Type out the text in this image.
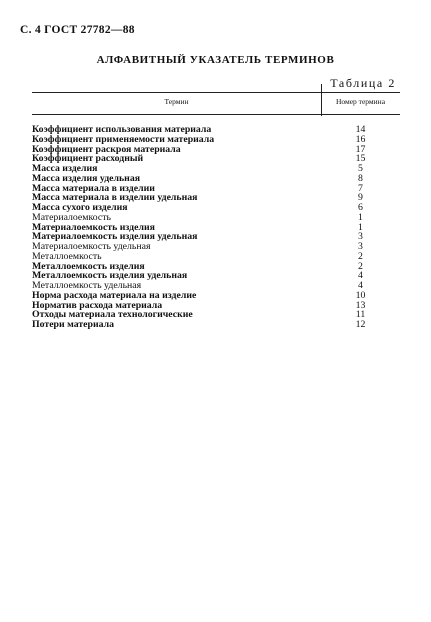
С. 4 ГОСТ 27782—88
АЛФАВИТНЫЙ УКАЗАТЕЛЬ ТЕРМИНОВ
Таблица 2
Термин	Номер термина
Коэффициент использования материала	14
Коэффициент применяемости материала	16
Коэффициент раскроя материала	17
Коэффициент расходный	15
Масса изделия	5
Масса изделия удельная	8
Масса материала в изделии	7
Масса материала в изделии удельная	9
Масса сухого изделия	6
Материалоемкость	1
Материалоемкость изделия	1
Материалоемкость изделия удельная	3
Материалоемкость удельная	3
Металлоемкость	2
Металлоемкость изделия	2
Металлоемкость изделия удельная	4
Металлоемкость удельная	4
Норма расхода материала на изделие	10
Норматив расхода материала	13
Отходы материала технологические	11
Потери материала	12
